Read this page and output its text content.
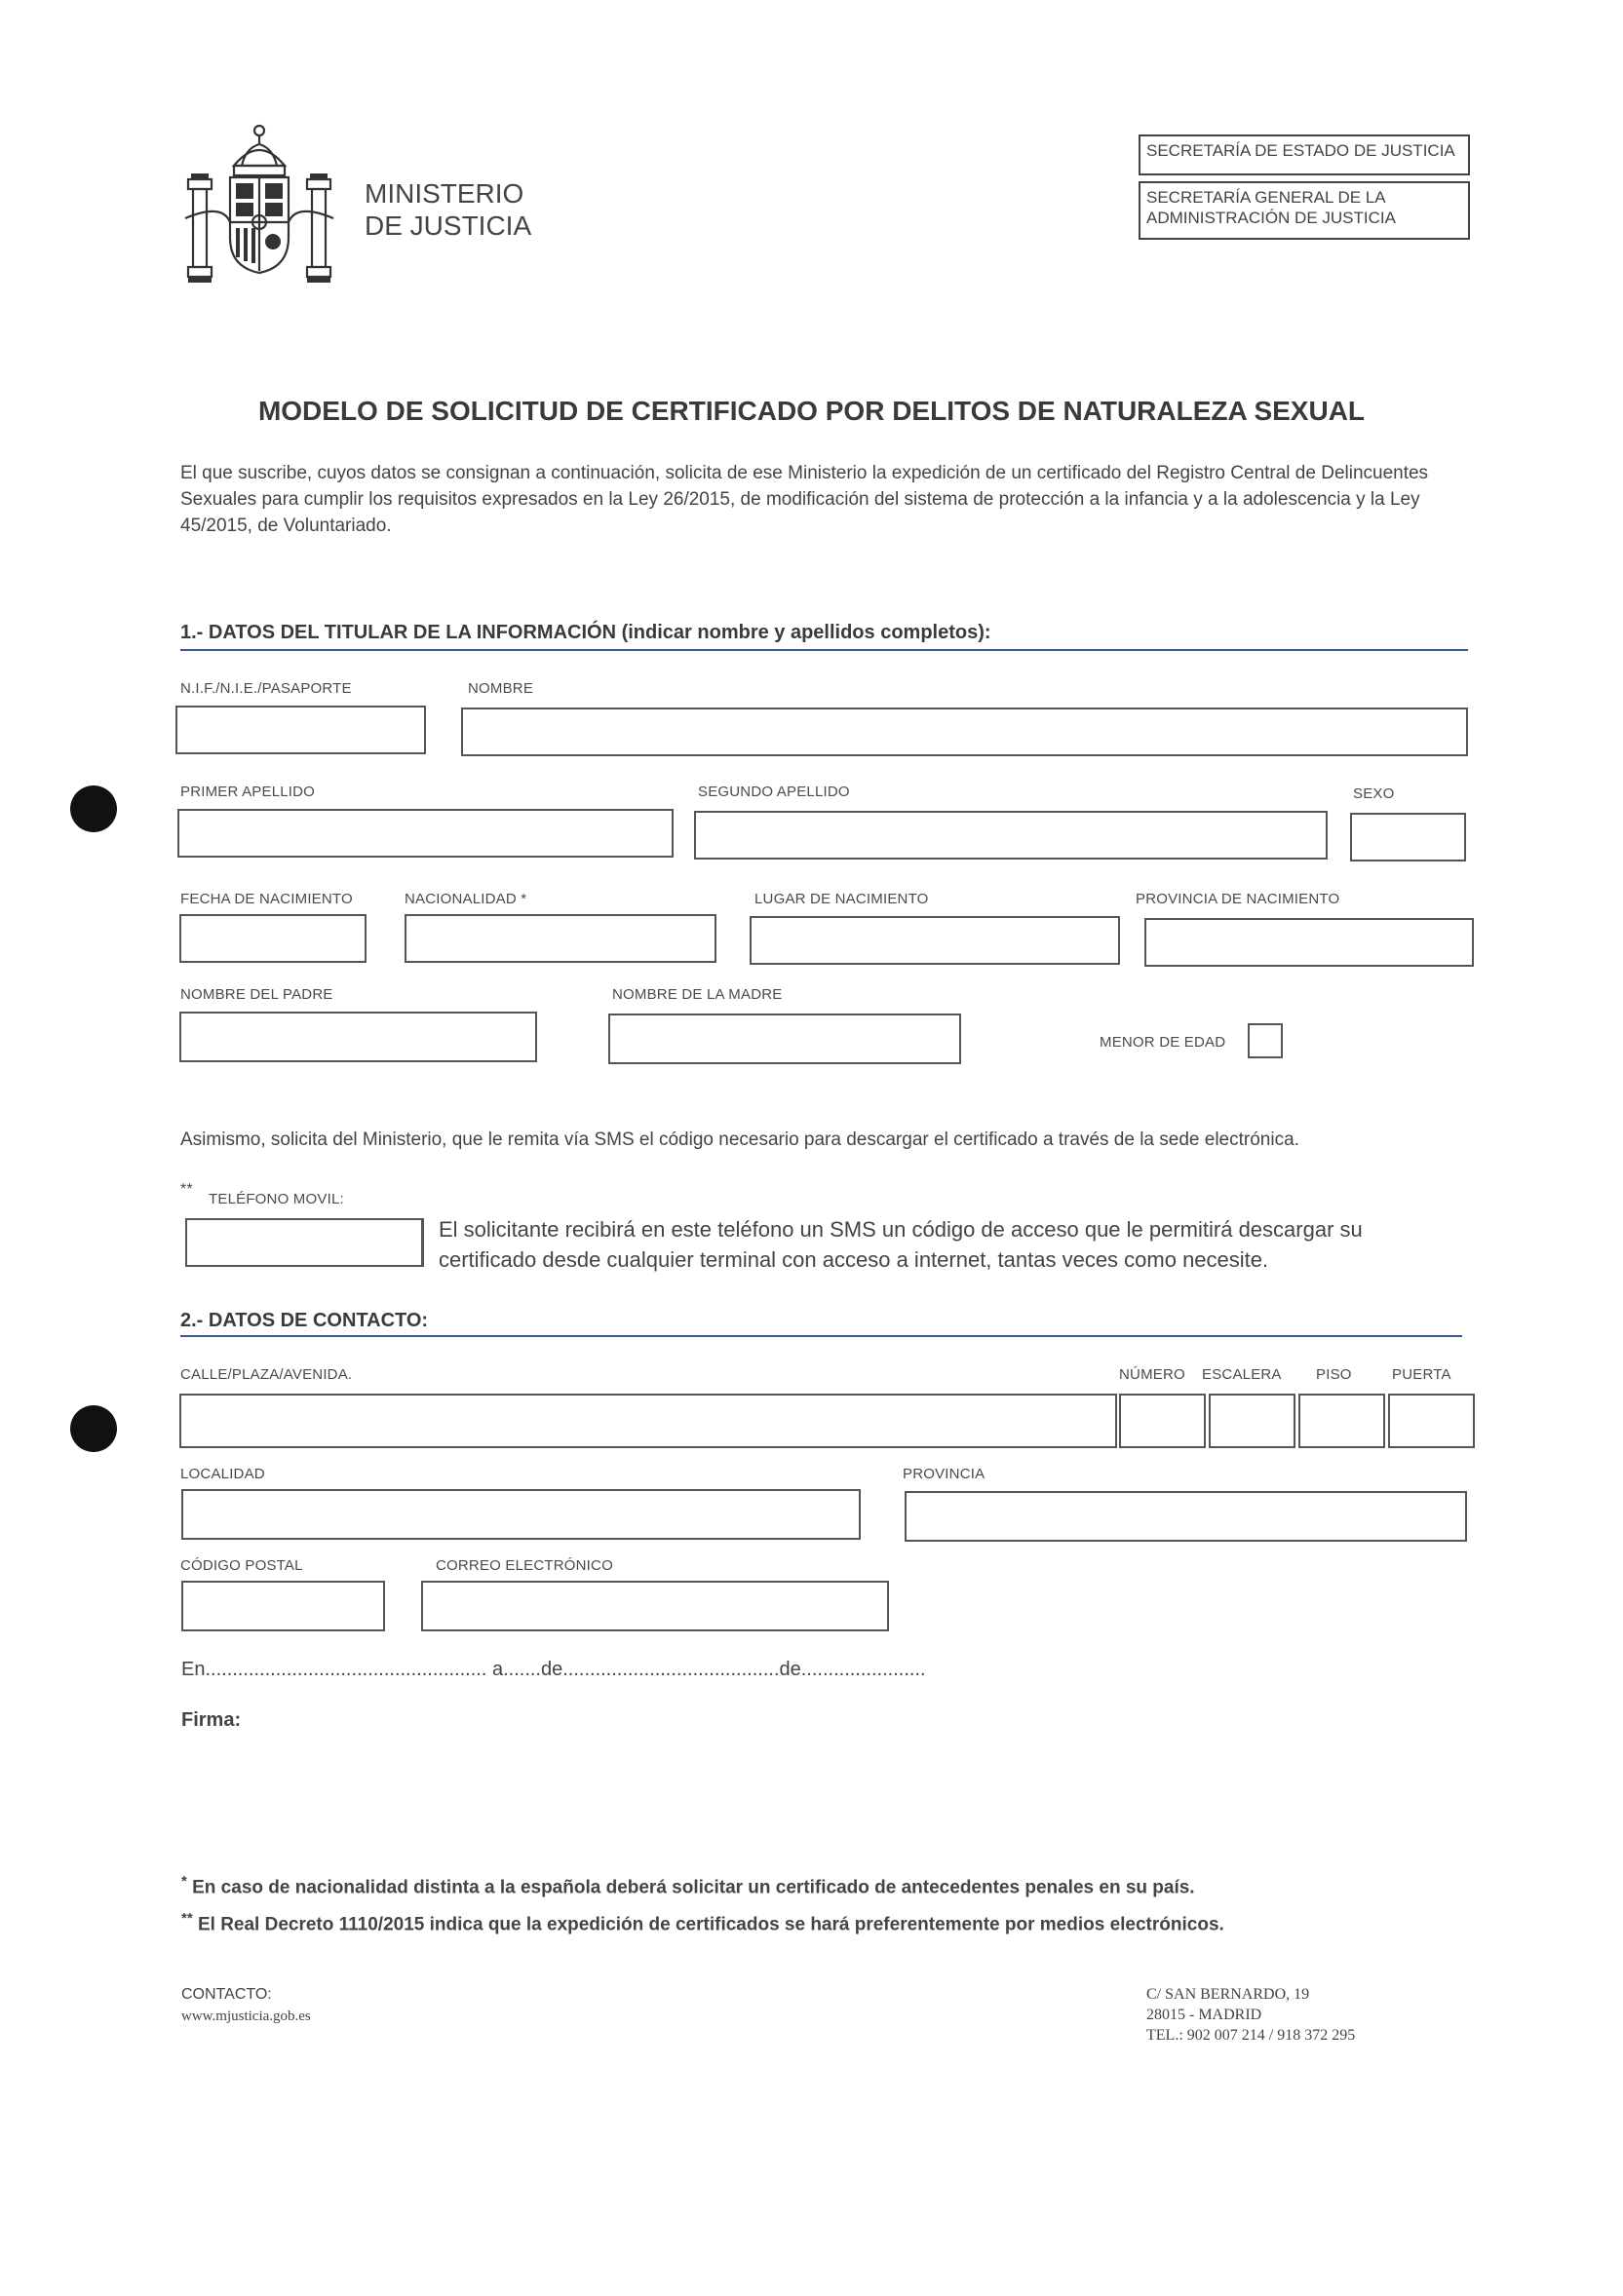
MINISTERIO
DE JUSTICIA
SECRETARÍA DE ESTADO DE JUSTICIA
SECRETARÍA GENERAL DE LA
ADMINISTRACIÓN DE JUSTICIA
MODELO DE SOLICITUD DE CERTIFICADO POR DELITOS DE NATURALEZA SEXUAL
El que suscribe, cuyos datos se consignan a continuación, solicita de ese Ministerio la expedición de un certificado del Registro Central de Delincuentes Sexuales para cumplir los requisitos expresados en la Ley 26/2015, de modificación del sistema de protección a la infancia y a la adolescencia y la Ley 45/2015, de Voluntariado.
1.- DATOS DEL TITULAR DE LA INFORMACIÓN (indicar nombre y apellidos completos):
N.I.F./N.I.E./PASAPORTE	NOMBRE
PRIMER APELLIDO	SEGUNDO APELLIDO	SEXO
FECHA DE NACIMIENTO	NACIONALIDAD *	LUGAR DE NACIMIENTO	PROVINCIA DE NACIMIENTO
NOMBRE DEL PADRE	NOMBRE DE LA MADRE
MENOR DE EDAD
Asimismo, solicita del Ministerio, que le remita vía SMS el código necesario para descargar el certificado a través de la sede electrónica.
**
TELÉFONO MOVIL:
El solicitante recibirá en este teléfono un SMS un código de acceso que le permitirá descargar su certificado desde cualquier terminal con acceso a internet, tantas veces como necesite.
2.- DATOS DE CONTACTO:
CALLE/PLAZA/AVENIDA.	NÚMERO ESCALERA PISO	PUERTA
LOCALIDAD	PROVINCIA
CÓDIGO POSTAL	CORREO ELECTRÓNICO
En.................................................... a.......de........................................de.......................
Firma:
* En caso de nacionalidad distinta a la española deberá solicitar un certificado de antecedentes penales en su país.
** El Real Decreto 1110/2015 indica que la expedición de certificados se hará preferentemente por medios electrónicos.
CONTACTO:
www.mjusticia.gob.es
C/ SAN BERNARDO, 19
28015 - MADRID
TEL.: 902 007 214 / 918 372 295
